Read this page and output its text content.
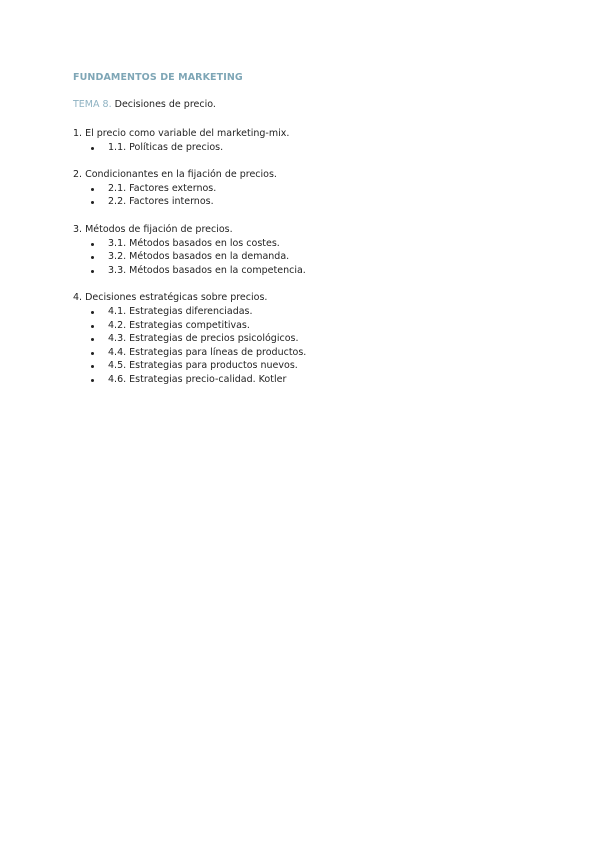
FUNDAMENTOS DE MARKETING

TEMA 8. Decisiones de precio.

1. El precio como variable del marketing-mix.

1.1. Políticas de precios.

2. Condicionantes en la fijación de precios.

2.1. Factores externos.
2.2. Factores internos.

3. Métodos de fijación de precios.

3.1. Métodos basados en los costes.
3.2. Métodos basados en la demanda.
3.3. Métodos basados en la competencia.

4. Decisiones estratégicas sobre precios.

4.1. Estrategias diferenciadas.
4.2. Estrategias competitivas.
4.3. Estrategias de precios psicológicos.
4.4. Estrategias para líneas de productos.
4.5. Estrategias para productos nuevos.
4.6. Estrategias precio-calidad. Kotler
